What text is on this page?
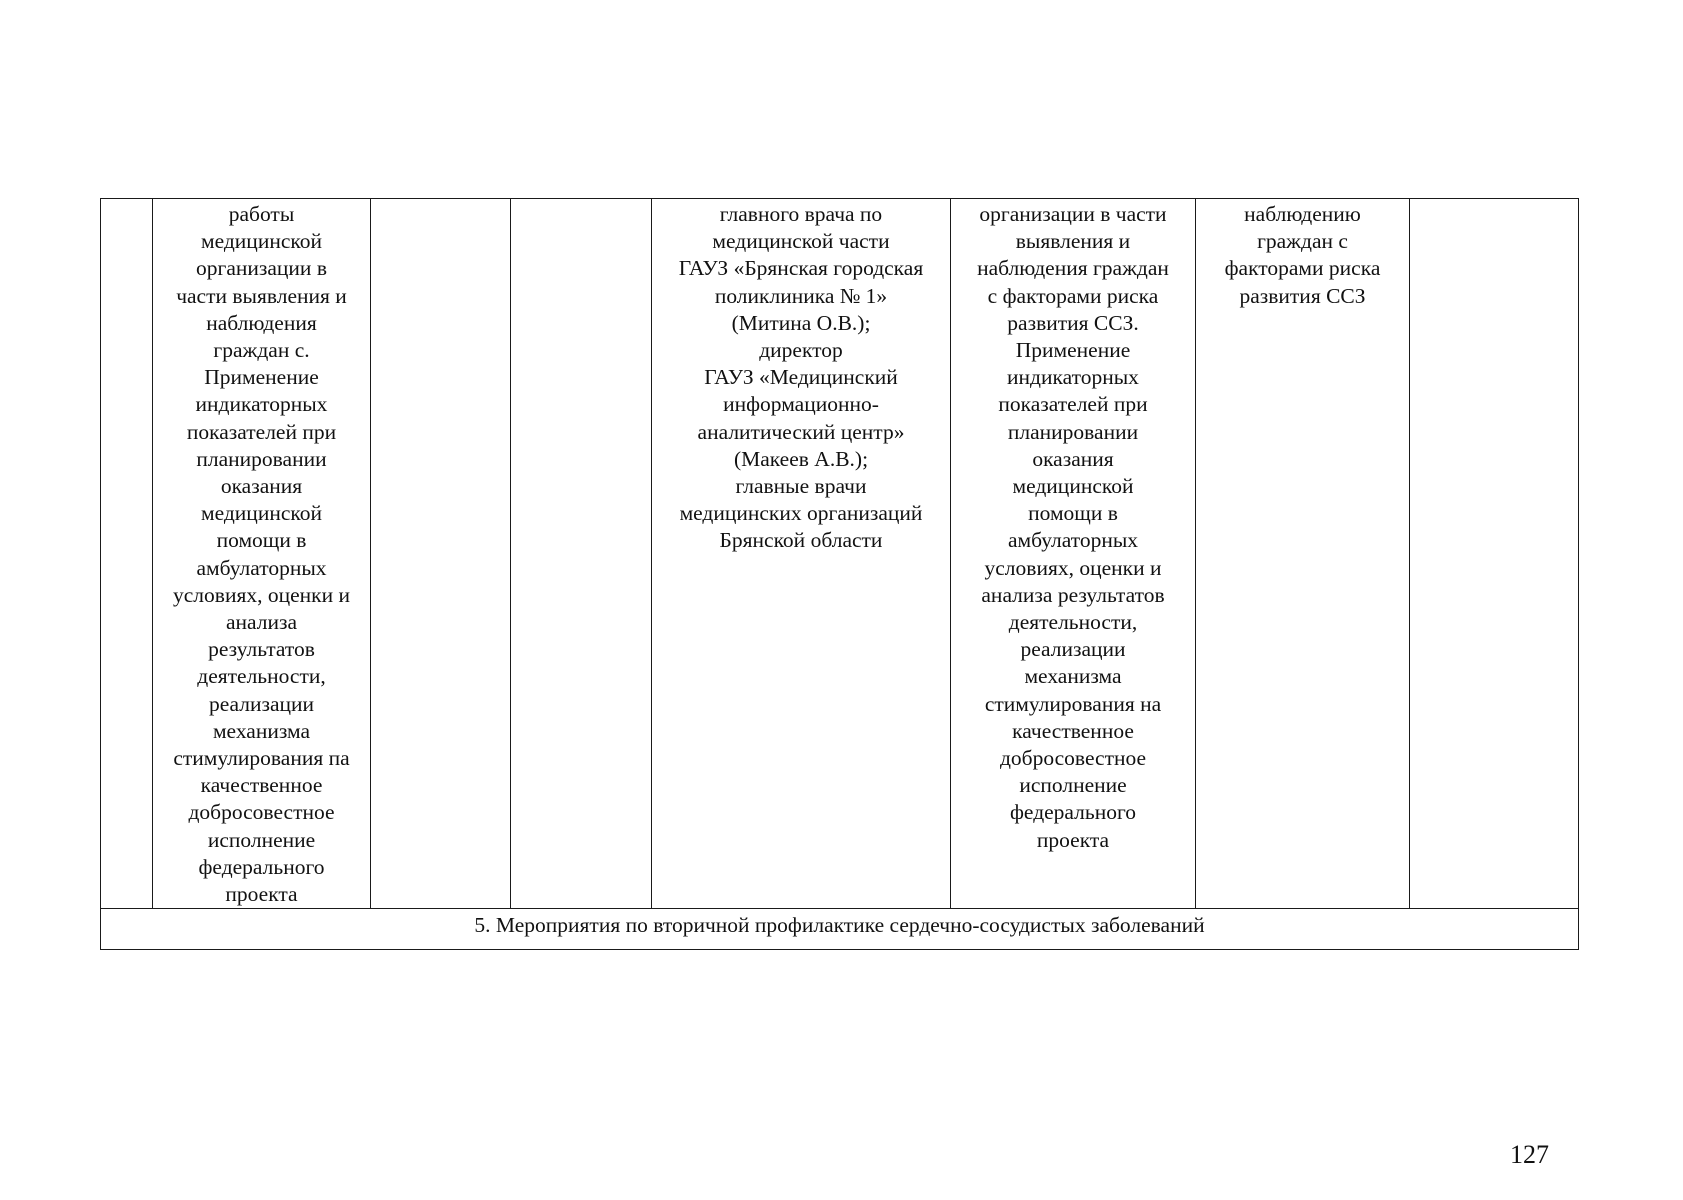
	работы
медицинской
организации в
части выявления и
наблюдения
граждан с.
Применение
индикаторных
показателей при
планировании
оказания
медицинской
помощи в
амбулаторных
условиях, оценки и
анализа
результатов
деятельности,
реализации
механизма
стимулирования па
качественное
добросовестное
исполнение
федерального
проекта			главного врача по
медицинской части
ГАУЗ «Брянская городская
поликлиника № 1»
(Митина О.В.);
директор
ГАУЗ «Медицинский
информационно-
аналитический центр»
(Макеев А.В.);
главные врачи
медицинских организаций
Брянской области	организации в части
выявления и
наблюдения граждан
с факторами риска
развития ССЗ.
Применение
индикаторных
показателей при
планировании
оказания
медицинской
помощи в
амбулаторных
условиях, оценки и
анализа результатов
деятельности,
реализации
механизма
стимулирования на
качественное
добросовестное
исполнение
федерального
проекта	наблюдению
граждан с
факторами риска
развития ССЗ	
5. Мероприятия по вторичной профилактике сердечно-сосудистых заболеваний
127
